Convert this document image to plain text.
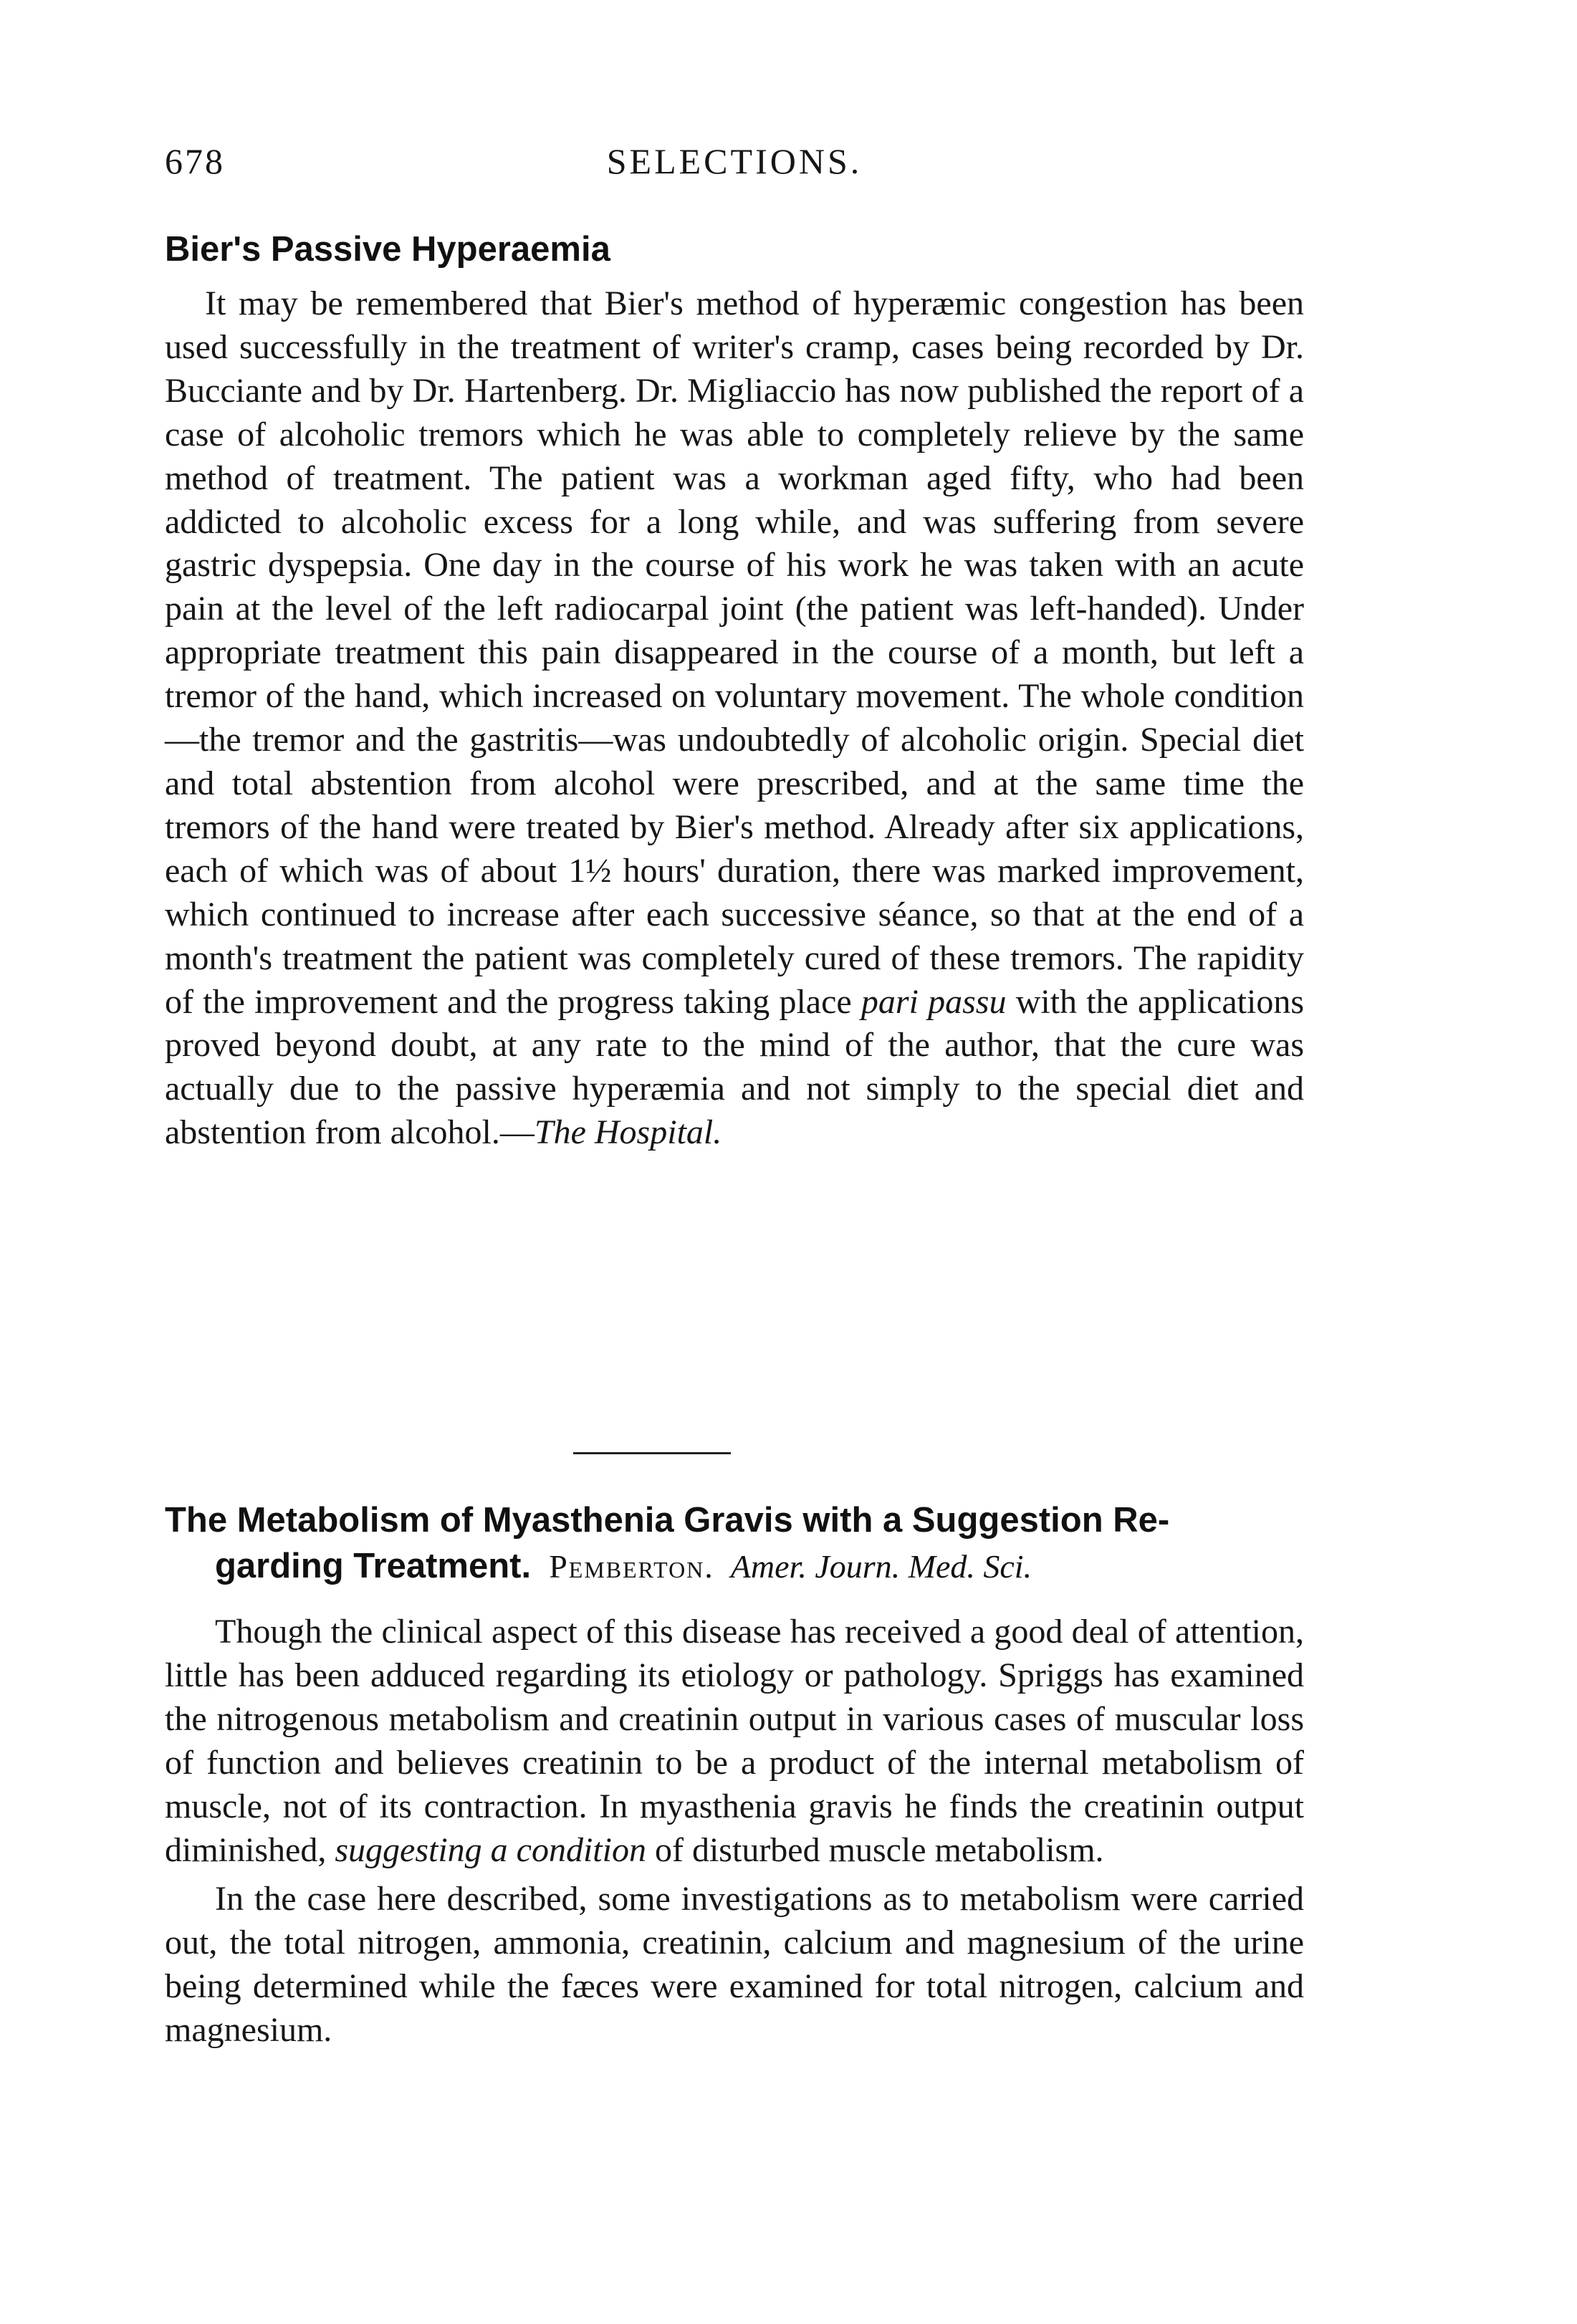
678	SELECTIONS.
Bier's Passive Hyperaemia

It may be remembered that Bier's method of hyperæmic congestion has been used successfully in the treatment of writer's cramp, cases being recorded by Dr. Bucciante and by Dr. Hartenberg. Dr. Migliaccio has now published the report of a case of alcoholic tremors which he was able to completely relieve by the same method of treatment. The patient was a workman aged fifty, who had been addicted to alcoholic excess for a long while, and was suffering from severe gastric dyspepsia. One day in the course of his work he was taken with an acute pain at the level of the left radiocarpal joint (the patient was left-handed). Under appropriate treatment this pain disappeared in the course of a month, but left a tremor of the hand, which increased on voluntary movement. The whole condition—the tremor and the gastritis—was undoubtedly of alcoholic origin. Special diet and total abstention from alcohol were prescribed, and at the same time the tremors of the hand were treated by Bier's method. Already after six applications, each of which was of about 1½ hours' duration, there was marked improvement, which continued to increase after each successive séance, so that at the end of a month's treatment the patient was completely cured of these tremors. The rapidity of the improvement and the progress taking place pari passu with the applications proved beyond doubt, at any rate to the mind of the author, that the cure was actually due to the passive hyperæmia and not simply to the special diet and abstention from alcohol.—The Hospital.

The Metabolism of Myasthenia Gravis with a Suggestion Re-
garding Treatment. Pemberton. Amer. Journ. Med. Sci.

Though the clinical aspect of this disease has received a good deal of attention, little has been adduced regarding its etiology or pathology. Spriggs has examined the nitrogenous metabolism and creatinin output in various cases of muscular loss of function and believes creatinin to be a product of the internal metabolism of muscle, not of its contraction. In myasthenia gravis he finds the creatinin output diminished, suggesting a condition of disturbed muscle metabolism.

In the case here described, some investigations as to metabolism were carried out, the total nitrogen, ammonia, creatinin, calcium and magnesium of the urine being determined while the fæces were examined for total nitrogen, calcium and magnesium.
